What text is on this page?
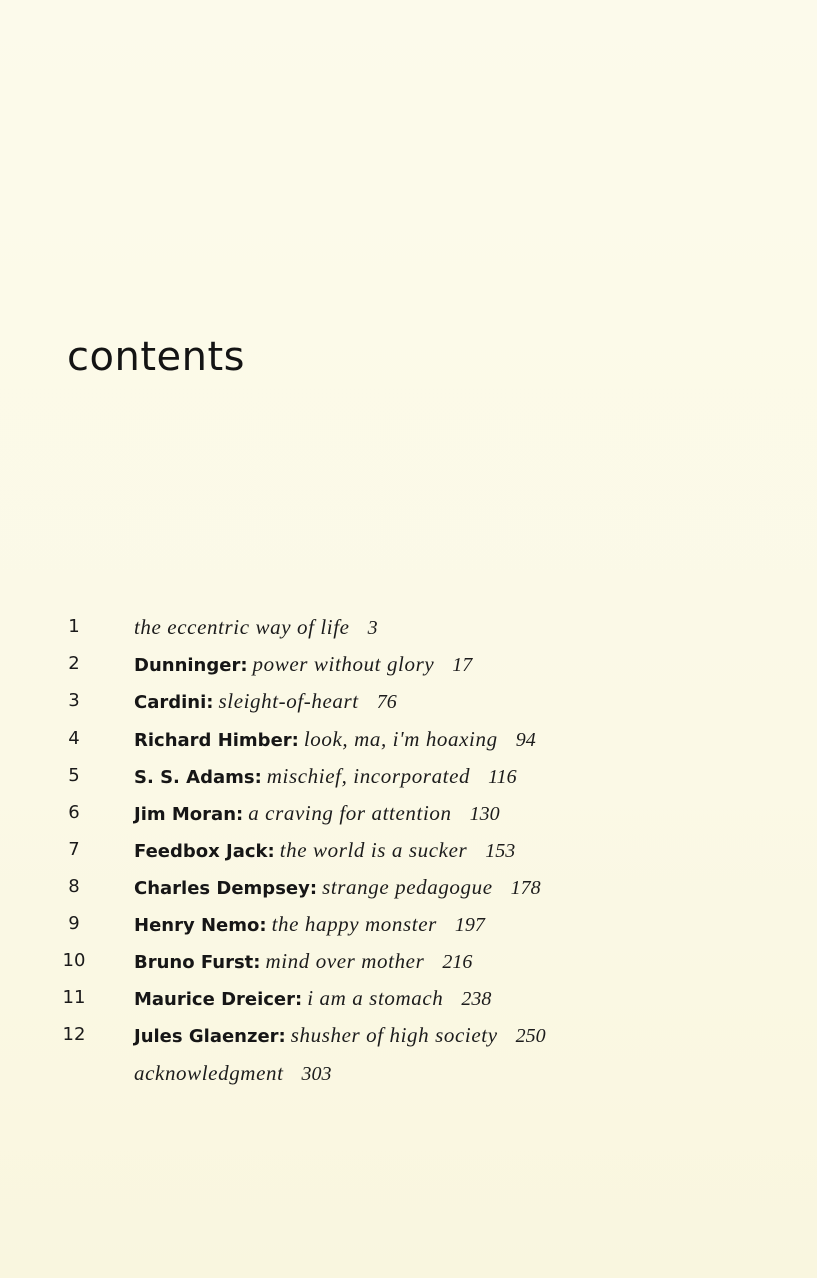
contents
1	the eccentric way of life 3
2	Dunninger: power without glory 17
3	Cardini: sleight-of-heart 76
4	Richard Himber: look, ma, i'm hoaxing 94
5	S. S. Adams: mischief, incorporated 116
6	Jim Moran: a craving for attention 130
7	Feedbox Jack: the world is a sucker 153
8	Charles Dempsey: strange pedagogue 178
9	Henry Nemo: the happy monster 197
10	Bruno Furst: mind over mother 216
11	Maurice Dreicer: i am a stomach 238
12	Jules Glaenzer: shusher of high society 250
acknowledgment 303
